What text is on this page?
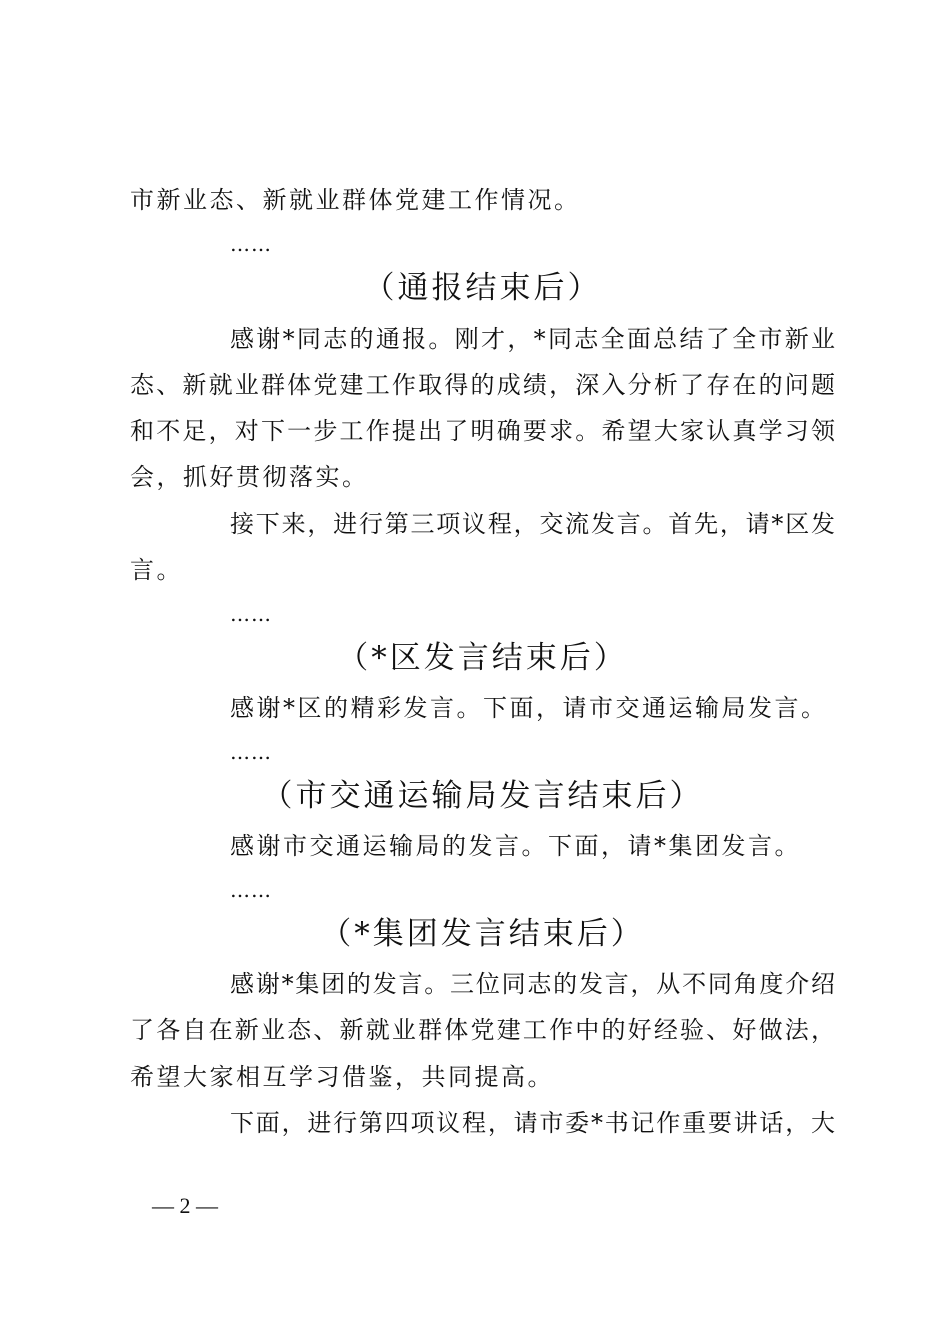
市新业态、新就业群体党建工作情况。
……
（通报结束后）
感谢*同志的通报。刚才，*同志全面总结了全市新业
态、新就业群体党建工作取得的成绩，深入分析了存在的问题
和不足，对下一步工作提出了明确要求。希望大家认真学习领
会，抓好贯彻落实。
接下来，进行第三项议程，交流发言。首先，请*区发
言。
……
（*区发言结束后）
感谢*区的精彩发言。下面，请市交通运输局发言。
……
（市交通运输局发言结束后）
感谢市交通运输局的发言。下面，请*集团发言。
……
（*集团发言结束后）
感谢*集团的发言。三位同志的发言，从不同角度介绍
了各自在新业态、新就业群体党建工作中的好经验、好做法，
希望大家相互学习借鉴，共同提高。
下面，进行第四项议程，请市委*书记作重要讲话，大
— 2 —
